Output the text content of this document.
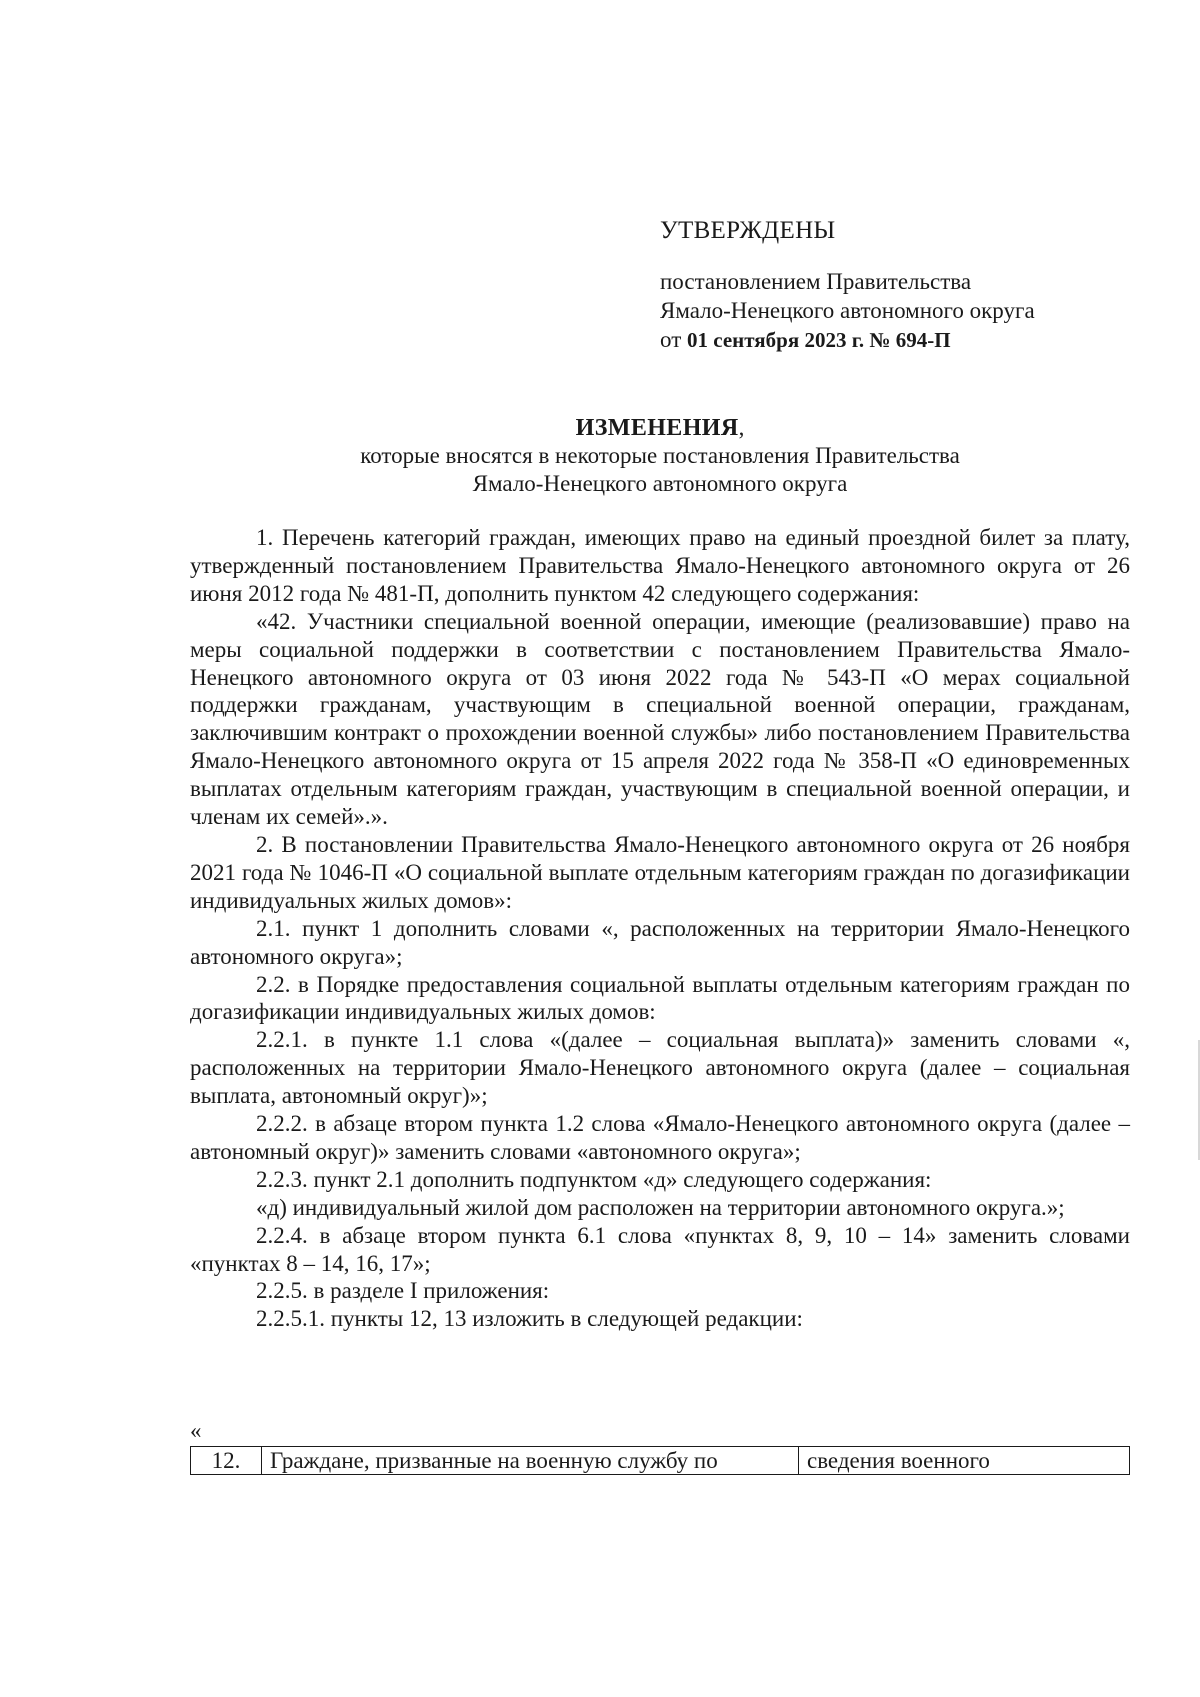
УТВЕРЖДЕНЫ
постановлением Правительства
Ямало-Ненецкого автономного округа
от 01 сентября 2023 г. № 694-П
ИЗМЕНЕНИЯ,
которые вносятся в некоторые постановления Правительства
Ямало-Ненецкого автономного округа

1. Перечень категорий граждан, имеющих право на единый проездной билет за плату, утвержденный постановлением Правительства Ямало-Ненецкого автономного округа от 26 июня 2012 года № 481-П, дополнить пунктом 42 следующего содержания:

«42. Участники специальной военной операции, имеющие (реализовавшие) право на меры социальной поддержки в соответствии с постановлением Правительства Ямало-Ненецкого автономного округа от 03 июня 2022 года № 543-П «О мерах социальной поддержки гражданам, участвующим в специальной военной операции, гражданам, заключившим контракт о прохождении военной службы» либо постановлением Правительства Ямало-Ненецкого автономного округа от 15 апреля 2022 года № 358-П «О единовременных выплатах отдельным категориям граждан, участвующим в специальной военной операции, и членам их семей».».

2. В постановлении Правительства Ямало-Ненецкого автономного округа от 26 ноября 2021 года № 1046-П «О социальной выплате отдельным категориям граждан по догазификации индивидуальных жилых домов»:

2.1. пункт 1 дополнить словами «, расположенных на территории Ямало-Ненецкого автономного округа»;

2.2. в Порядке предоставления социальной выплаты отдельным категориям граждан по догазификации индивидуальных жилых домов:

2.2.1. в пункте 1.1 слова «(далее – социальная выплата)» заменить словами «, расположенных на территории Ямало-Ненецкого автономного округа (далее – социальная выплата, автономный округ)»;

2.2.2. в абзаце втором пункта 1.2 слова «Ямало-Ненецкого автономного округа (далее – автономный округ)» заменить словами «автономного округа»;

2.2.3. пункт 2.1 дополнить подпунктом «д» следующего содержания:

«д) индивидуальный жилой дом расположен на территории автономного округа.»;

2.2.4. в абзаце втором пункта 6.1 слова «пунктах 8, 9, 10 – 14» заменить словами «пунктах 8 – 14, 16, 17»;

2.2.5. в разделе I приложения:

2.2.5.1. пункты 12, 13 изложить в следующей редакции:

«
12.	Граждане, призванные на военную службу по	сведения военного
